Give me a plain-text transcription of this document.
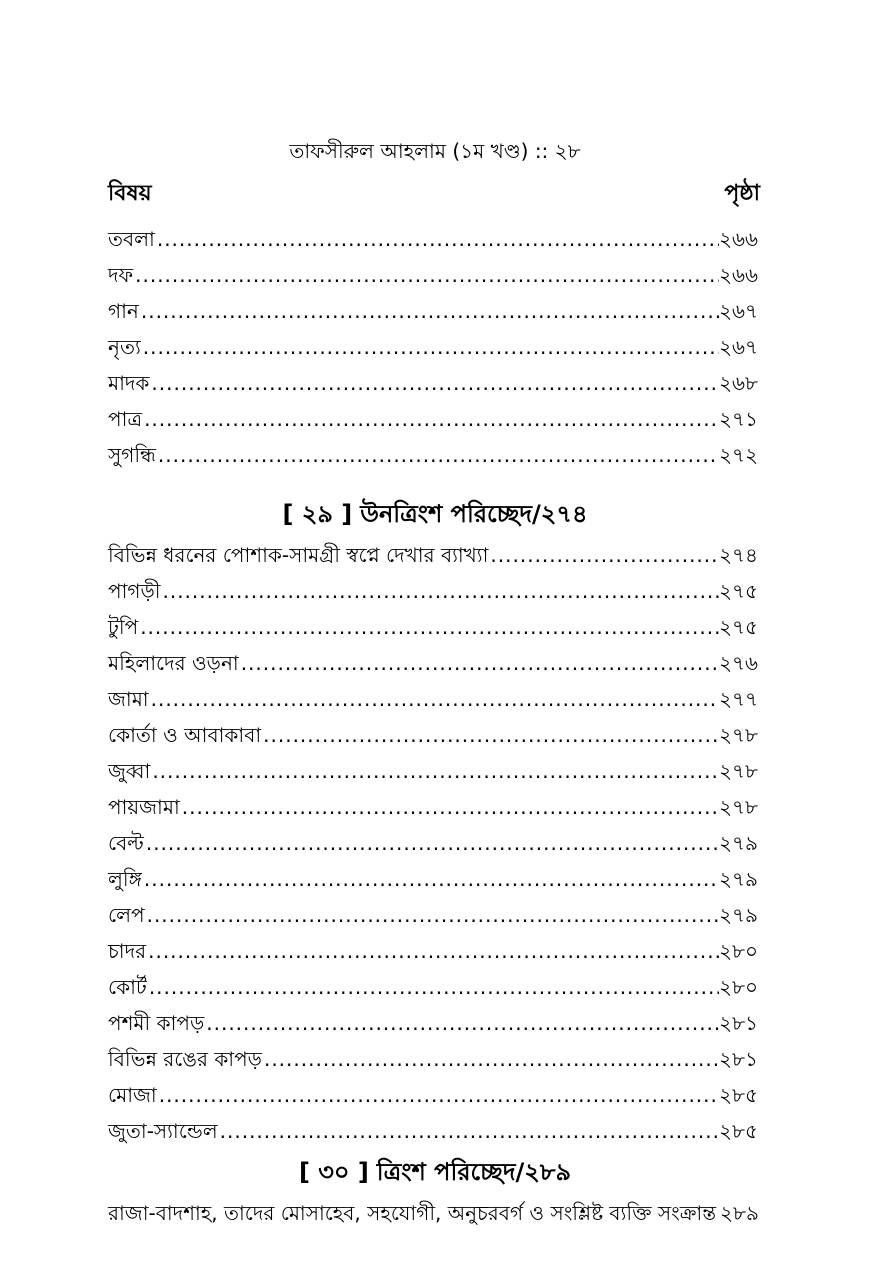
তাফসীরুল আহলাম (১ম খণ্ড) :: ২৮
বিষয়	পৃষ্ঠা
তবলা .....	২৬৬
দফ .....	২৬৬
গান .....	২৬৭
নৃত্য .....	২৬৭
মাদক .....	২৬৮
পাত্র .....	২৭১
সুগন্ধি .....	২৭২
[ ২৯ ] উনত্রিংশ পরিচ্ছেদ/২৭৪
বিভিন্ন ধরনের পোশাক-সামগ্রী স্বপ্নে দেখার ব্যাখ্যা .....	২৭৪
পাগড়ী .....	২৭৫
টুপি .....	২৭৫
মহিলাদের ওড়না .....	২৭৬
জামা .....	২৭৭
কোর্তা ও আবাকাবা .....	২৭৮
জুব্বা .....	২৭৮
পায়জামা .....	২৭৮
বেল্ট .....	২৭৯
লুঙ্গি .....	২৭৯
লেপ .....	২৭৯
চাদর .....	২৮০
কোর্ট .....	২৮০
পশমী কাপড় .....	২৮১
বিভিন্ন রঙের কাপড় .....	২৮১
মোজা .....	২৮৫
জুতা-স্যান্ডেল .....	২৮৫
[ ৩০ ] ত্রিংশ পরিচ্ছেদ/২৮৯
রাজা-বাদশাহ, তাদের মোসাহেব, সহযোগী, অনুচরবর্গ ও সংশ্লিষ্ট ব্যক্তি সংক্রান্ত ..... ২৮৯
